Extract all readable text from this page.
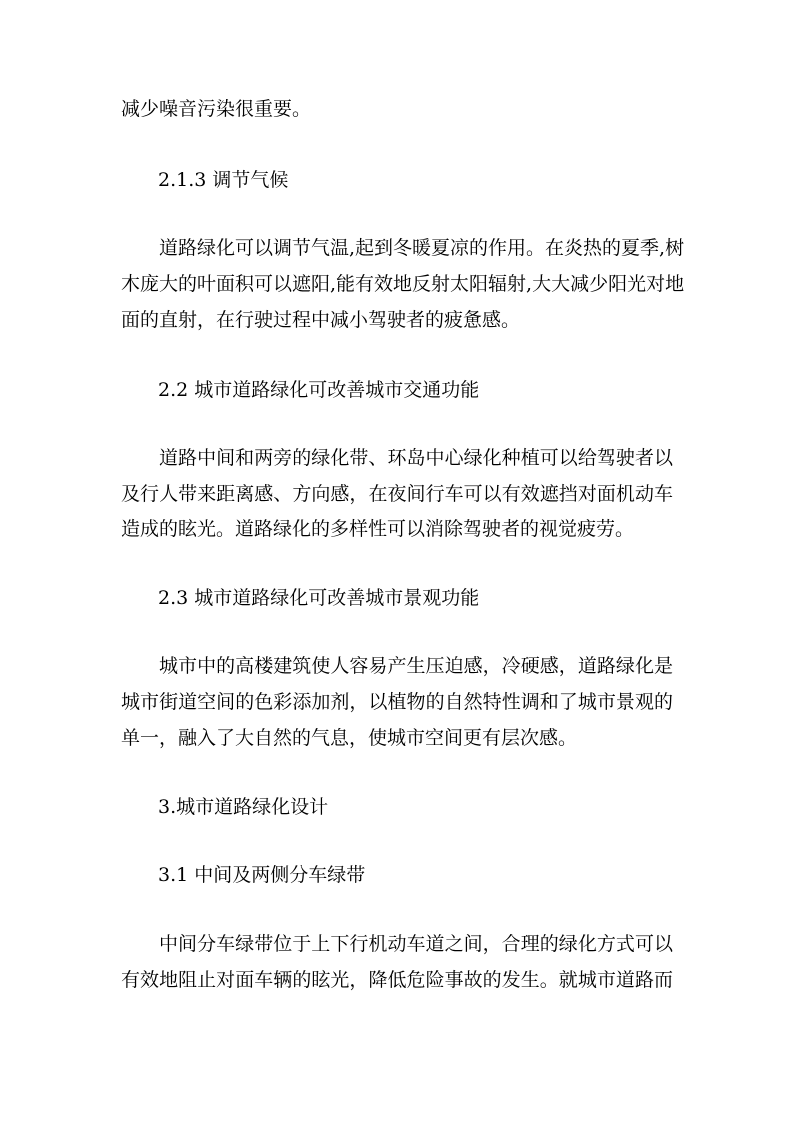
减少噪音污染很重要。
2.1.3 调节气候
道路绿化可以调节气温,起到冬暖夏凉的作用。在炎热的夏季,树
木庞大的叶面积可以遮阳,能有效地反射太阳辐射,大大减少阳光对地
面的直射，在行驶过程中减小驾驶者的疲惫感。
2.2 城市道路绿化可改善城市交通功能
道路中间和两旁的绿化带、环岛中心绿化种植可以给驾驶者以
及行人带来距离感、方向感，在夜间行车可以有效遮挡对面机动车
造成的眩光。道路绿化的多样性可以消除驾驶者的视觉疲劳。
2.3 城市道路绿化可改善城市景观功能
城市中的高楼建筑使人容易产生压迫感，冷硬感，道路绿化是
城市街道空间的色彩添加剂，以植物的自然特性调和了城市景观的
单一，融入了大自然的气息，使城市空间更有层次感。
3.城市道路绿化设计
3.1 中间及两侧分车绿带
中间分车绿带位于上下行机动车道之间，合理的绿化方式可以
有效地阻止对面车辆的眩光，降低危险事故的发生。就城市道路而
